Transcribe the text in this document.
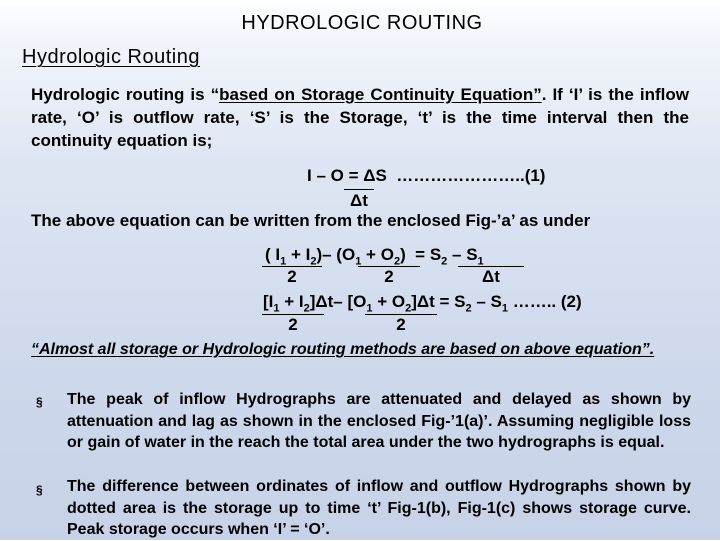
HYDROLOGIC ROUTING
Hydrologic Routing
Hydrologic routing is “based on Storage Continuity Equation”. If ‘I’ is the inflow rate, ‘O’ is outflow rate, ‘S’ is the Storage, ‘t’ is the time interval then the continuity equation is;
I – O = ΔS …………………..(1)
Δt
The above equation can be written from the enclosed Fig-’a’ as under
( $I_1 + I_2)-$ $(O_1 + O_2) = S_2 - S_1$
2	2	Δt
$[I_1 + I_2]\Delta t-$ $[O_1 + O_2]\Delta t = S_2 - S_1$ …….. (2)
2	2
“Almost all storage or Hydrologic routing methods are based on above equation”.
§ The peak of inflow Hydrographs are attenuated and delayed as shown by attenuation and lag as shown in the enclosed Fig-’1(a)’. Assuming negligible loss or gain of water in the reach the total area under the two hydrographs is equal.
§ The difference between ordinates of inflow and outflow Hydrographs shown by dotted area is the storage up to time ‘t’ Fig-1(b), Fig-1(c) shows storage curve. Peak storage occurs when ‘I’ = ‘O’.
